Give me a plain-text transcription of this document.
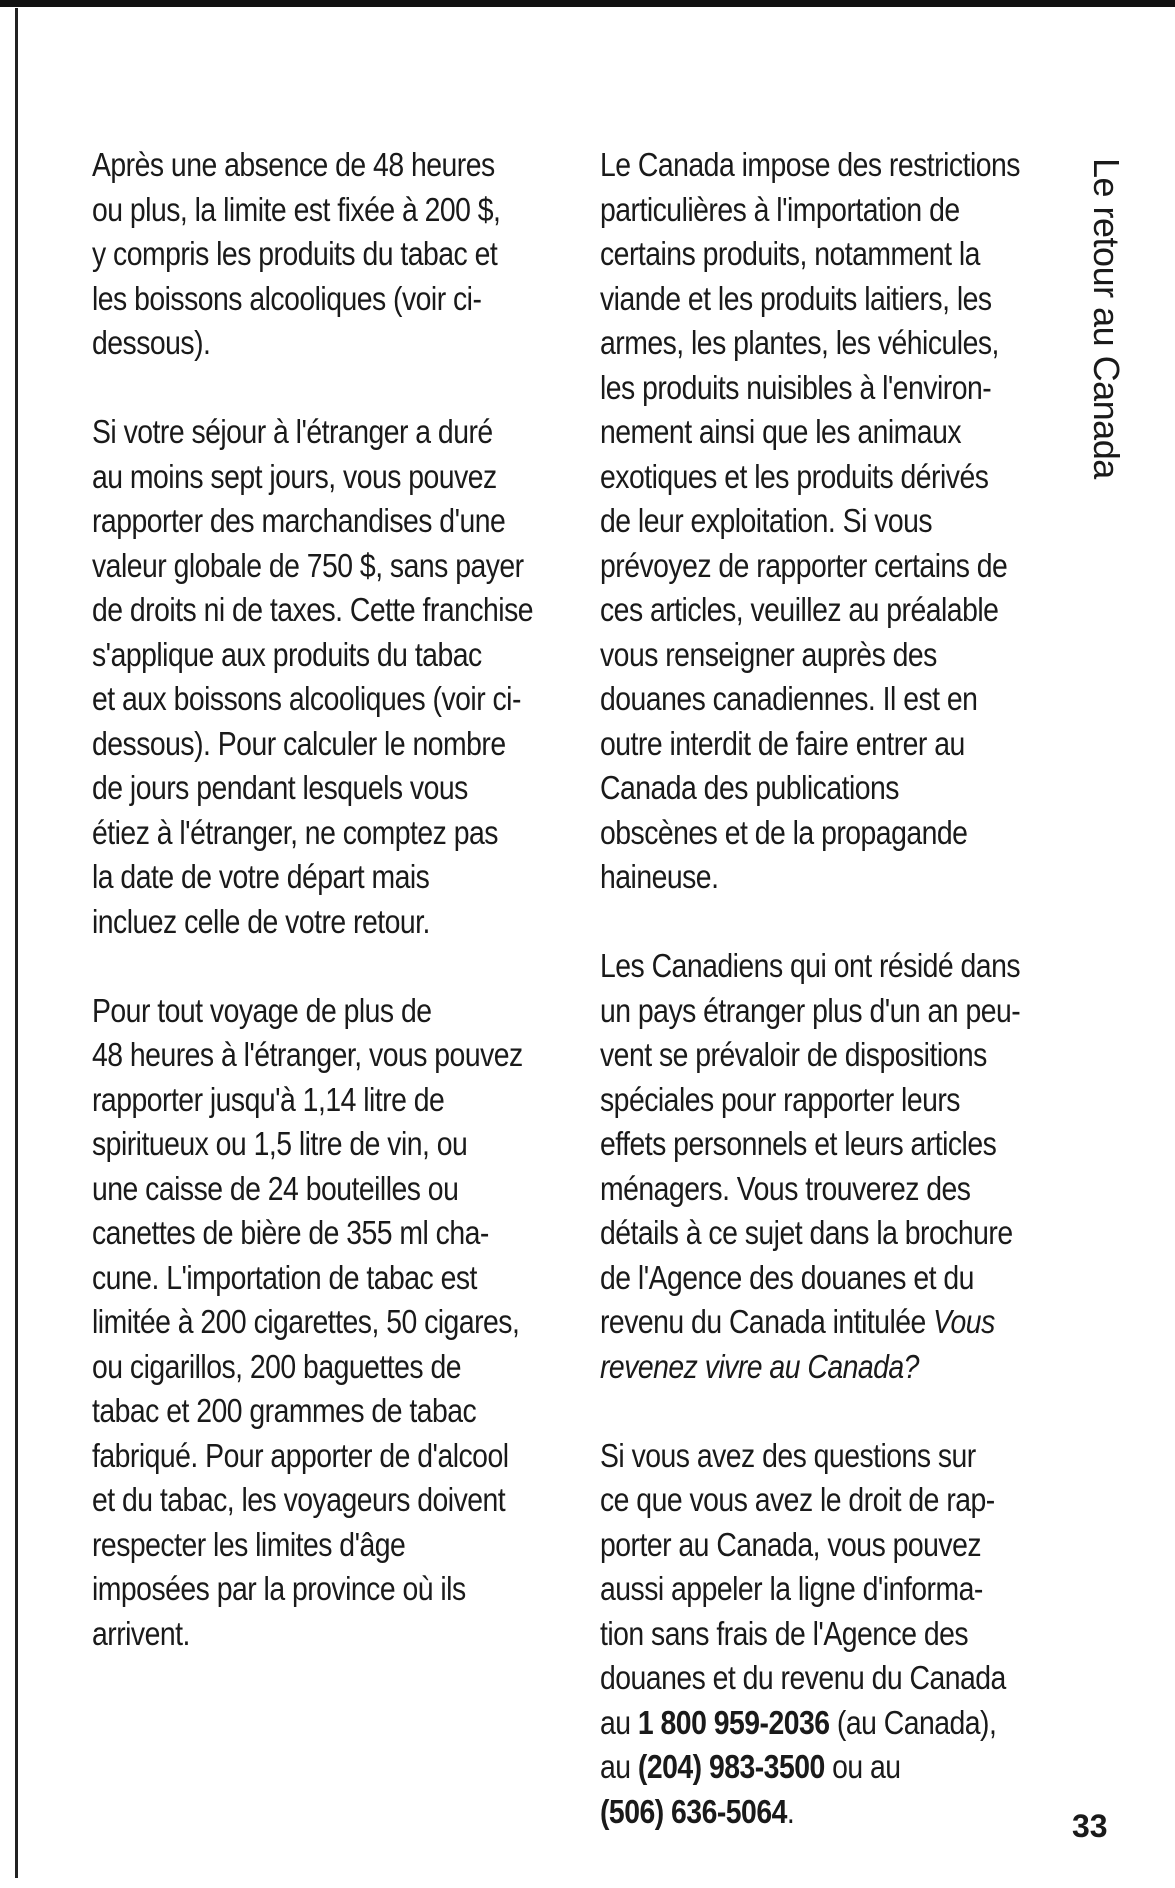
Après une absence de 48 heures
ou plus, la limite est fixée à 200 $,
y compris les produits du tabac et
les boissons alcooliques (voir ci-
dessous).

Si votre séjour à l'étranger a duré
au moins sept jours, vous pouvez
rapporter des marchandises d'une
valeur globale de 750 $, sans payer
de droits ni de taxes. Cette franchise
s'applique aux produits du tabac
et aux boissons alcooliques (voir ci-
dessous). Pour calculer le nombre
de jours pendant lesquels vous
étiez à l'étranger, ne comptez pas
la date de votre départ mais
incluez celle de votre retour.

Pour tout voyage de plus de
48 heures à l'étranger, vous pouvez
rapporter jusqu'à 1,14 litre de
spiritueux ou 1,5 litre de vin, ou
une caisse de 24 bouteilles ou
canettes de bière de 355 ml cha-
cune. L'importation de tabac est
limitée à 200 cigarettes, 50 cigares,
ou cigarillos, 200 baguettes de
tabac et 200 grammes de tabac
fabriqué. Pour apporter de d'alcool
et du tabac, les voyageurs doivent
respecter les limites d'âge
imposées par la province où ils
arrivent.

Le Canada impose des restrictions
particulières à l'importation de
certains produits, notamment la
viande et les produits laitiers, les
armes, les plantes, les véhicules,
les produits nuisibles à l'environ-
nement ainsi que les animaux
exotiques et les produits dérivés
de leur exploitation. Si vous
prévoyez de rapporter certains de
ces articles, veuillez au préalable
vous renseigner auprès des
douanes canadiennes. Il est en
outre interdit de faire entrer au
Canada des publications
obscènes et de la propagande
haineuse.

Les Canadiens qui ont résidé dans
un pays étranger plus d'un an peu-
vent se prévaloir de dispositions
spéciales pour rapporter leurs
effets personnels et leurs articles
ménagers. Vous trouverez des
détails à ce sujet dans la brochure
de l'Agence des douanes et du
revenu du Canada intitulée Vous
revenez vivre au Canada?

Si vous avez des questions sur
ce que vous avez le droit de rap-
porter au Canada, vous pouvez
aussi appeler la ligne d'informa-
tion sans frais de l'Agence des
douanes et du revenu du Canada
au 1 800 959-2036 (au Canada),
au (204) 983-3500 ou au
(506) 636-5064.

Le retour au Canada
33
